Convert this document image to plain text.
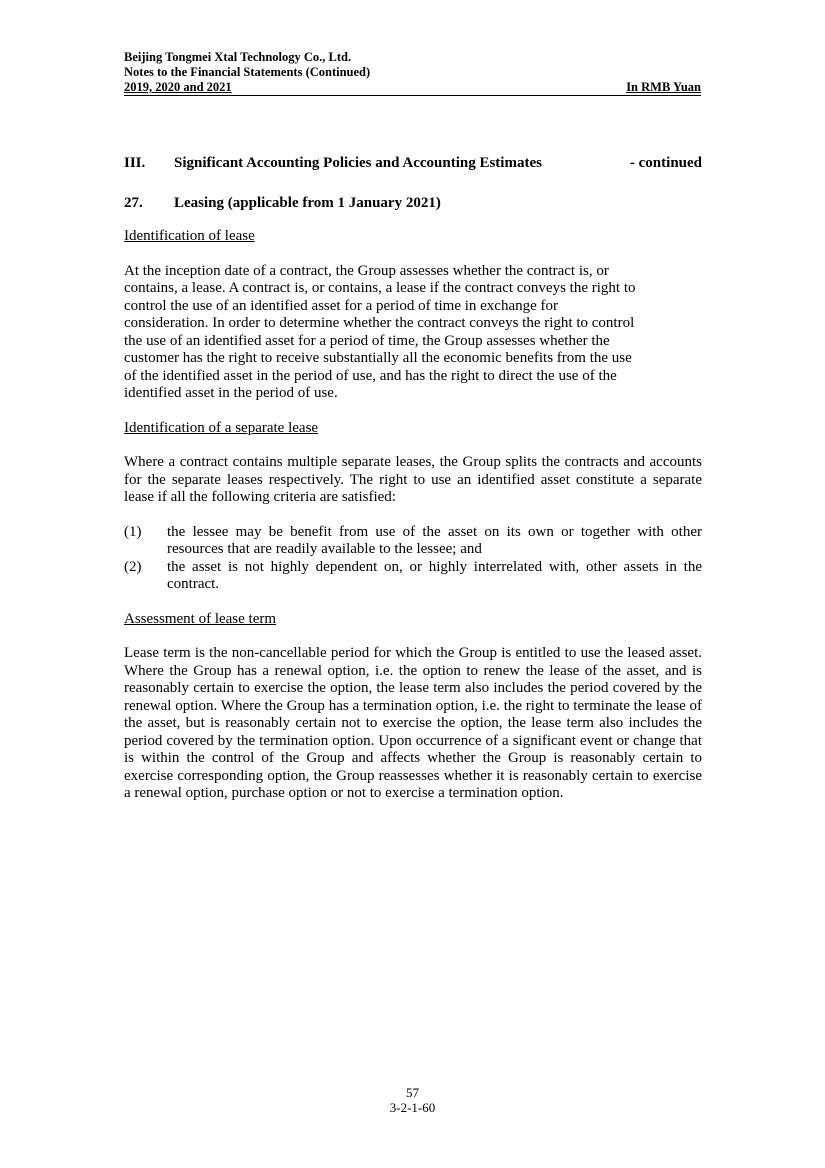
Beijing Tongmei Xtal Technology Co., Ltd.
Notes to the Financial Statements (Continued)
2019, 2020 and 2021	In RMB Yuan
III.	Significant Accounting Policies and Accounting Estimates	- continued
27.	Leasing (applicable from 1 January 2021)
Identification of lease

At the inception date of a contract, the Group assesses whether the contract is, or
contains, a lease. A contract is, or contains, a lease if the contract conveys the right to
control the use of an identified asset for a period of time in exchange for
consideration. In order to determine whether the contract conveys the right to control
the use of an identified asset for a period of time, the Group assesses whether the
customer has the right to receive substantially all the economic benefits from the use
of the identified asset in the period of use, and has the right to direct the use of the
identified asset in the period of use.

Identification of a separate lease

Where a contract contains multiple separate leases, the Group splits the contracts and accounts for the separate leases respectively. The right to use an identified asset constitute a separate lease if all the following criteria are satisfied:

(1)	the lessee may be benefit from use of the asset on its own or together with other resources that are readily available to the lessee; and
(2)	the asset is not highly dependent on, or highly interrelated with, other assets in the contract.
Assessment of lease term

Lease term is the non-cancellable period for which the Group is entitled to use the leased asset. Where the Group has a renewal option, i.e. the option to renew the lease of the asset, and is reasonably certain to exercise the option, the lease term also includes the period covered by the renewal option. Where the Group has a termination option, i.e. the right to terminate the lease of the asset, but is reasonably certain not to exercise the option, the lease term also includes the period covered by the termination option. Upon occurrence of a significant event or change that is within the control of the Group and affects whether the Group is reasonably certain to exercise corresponding option, the Group reassesses whether it is reasonably certain to exercise a renewal option, purchase option or not to exercise a termination option.

57
3-2-1-60
